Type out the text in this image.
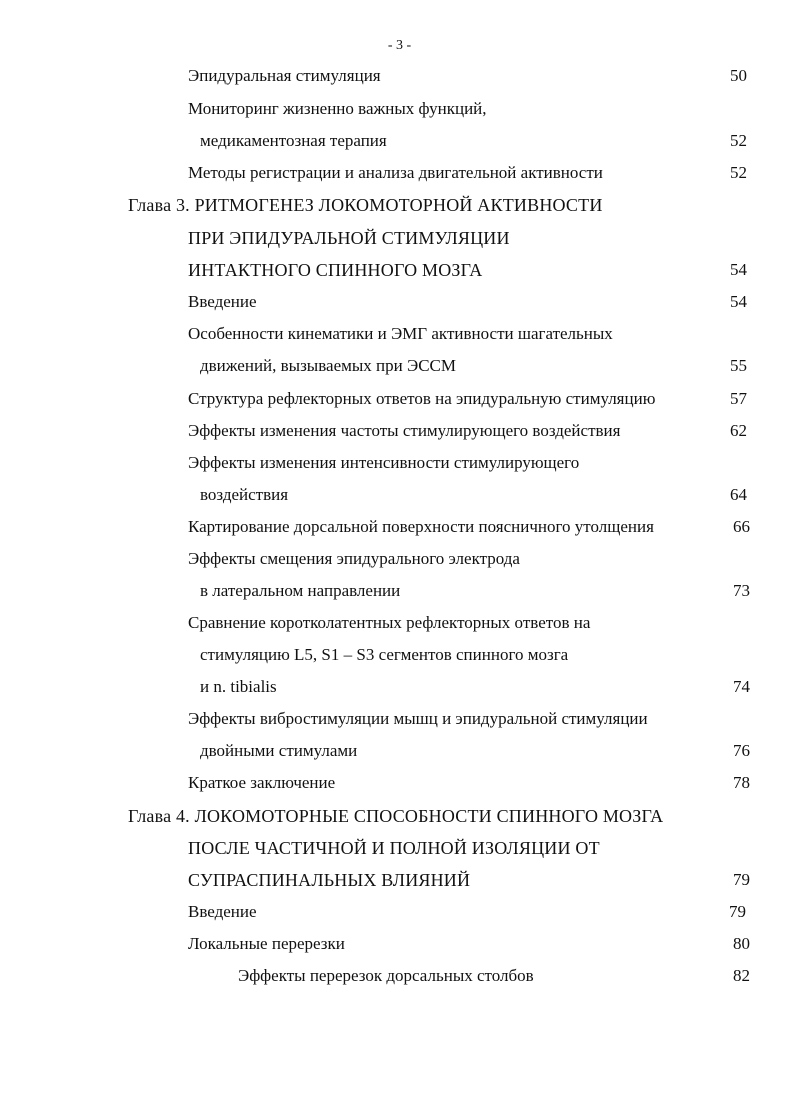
- 3 -
Эпидуральная стимуляция	50
Мониторинг жизненно важных функций,
медикаментозная терапия	52
Методы регистрации и анализа двигательной активности	52
Глава 3. РИТМОГЕНЕЗ ЛОКОМОТОРНОЙ АКТИВНОСТИ
ПРИ ЭПИДУРАЛЬНОЙ СТИМУЛЯЦИИ
ИНТАКТНОГО СПИННОГО МОЗГА	54
Введение	54
Особенности кинематики и ЭМГ активности шагательных
движений, вызываемых при ЭССМ	55
Структура рефлекторных ответов на эпидуральную стимуляцию	57
Эффекты изменения частоты стимулирующего воздействия	62
Эффекты изменения интенсивности стимулирующего
воздействия	64
Картирование дорсальной поверхности поясничного утолщения	66
Эффекты смещения эпидурального электрода
в латеральном направлении	73
Сравнение коротколатентных рефлекторных ответов на
стимуляцию L5, S1 – S3 сегментов спинного мозга
и n. tibialis	74
Эффекты вибростимуляции мышц и эпидуральной стимуляции
двойными стимулами	76
Краткое заключение	78
Глава 4. ЛОКОМОТОРНЫЕ СПОСОБНОСТИ СПИННОГО МОЗГА
ПОСЛЕ ЧАСТИЧНОЙ И ПОЛНОЙ ИЗОЛЯЦИИ ОТ
СУПРАСПИНАЛЬНЫХ ВЛИЯНИЙ	79
Введение	79
Локальные перерезки	80
Эффекты перерезок дорсальных столбов	82
